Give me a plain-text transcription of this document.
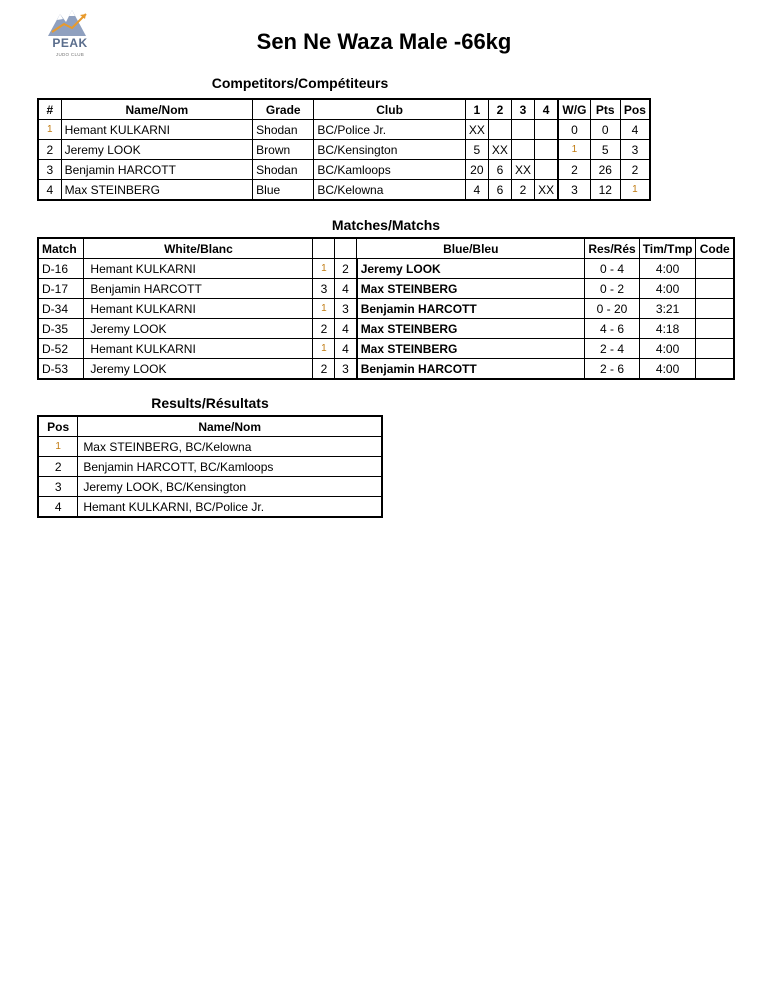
PEAK
JUDO CLUB
Sen Ne Waza Male -66kg
Competitors/Compétiteurs
#	Name/Nom	Grade	Club	1	2	3	4	W/G	Pts	Pos
1	Hemant KULKARNI	Shodan	BC/Police Jr.	XX				0	0	4
2	Jeremy LOOK	Brown	BC/Kensington	5	XX			1	5	3
3	Benjamin HARCOTT	Shodan	BC/Kamloops	20	6	XX		2	26	2
4	Max STEINBERG	Blue	BC/Kelowna	4	6	2	XX	3	12	1
Matches/Matchs
Match	White/Blanc			Blue/Bleu	Res/Rés	Tim/Tmp	Code
D-16	Hemant KULKARNI	1	2	Jeremy LOOK	0 - 4	4:00	
D-17	Benjamin HARCOTT	3	4	Max STEINBERG	0 - 2	4:00	
D-34	Hemant KULKARNI	1	3	Benjamin HARCOTT	0 - 20	3:21	
D-35	Jeremy LOOK	2	4	Max STEINBERG	4 - 6	4:18	
D-52	Hemant KULKARNI	1	4	Max STEINBERG	2 - 4	4:00	
D-53	Jeremy LOOK	2	3	Benjamin HARCOTT	2 - 6	4:00	
Results/Résultats
Pos	Name/Nom
1	Max STEINBERG, BC/Kelowna
2	Benjamin HARCOTT, BC/Kamloops
3	Jeremy LOOK, BC/Kensington
4	Hemant KULKARNI, BC/Police Jr.
